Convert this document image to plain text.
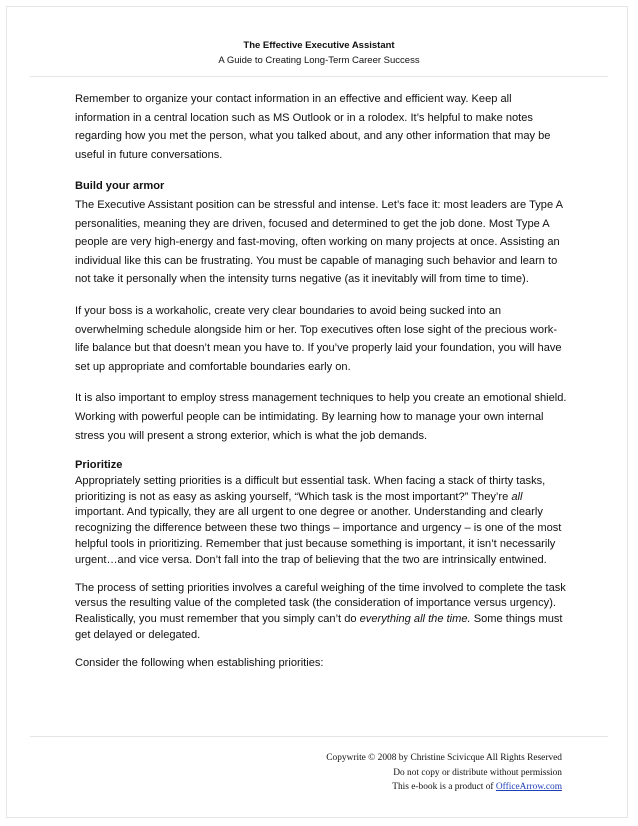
The Effective Executive Assistant
A Guide to Creating Long-Term Career Success

Remember to organize your contact information in an effective and efficient way. Keep all information in a central location such as MS Outlook or in a rolodex. It’s helpful to make notes regarding how you met the person, what you talked about, and any other information that may be useful in future conversations.

Build your armor

The Executive Assistant position can be stressful and intense. Let’s face it: most leaders are Type A personalities, meaning they are driven, focused and determined to get the job done. Most Type A people are very high-energy and fast-moving, often working on many projects at once. Assisting an individual like this can be frustrating. You must be capable of managing such behavior and learn to not take it personally when the intensity turns negative (as it inevitably will from time to time).

If your boss is a workaholic, create very clear boundaries to avoid being sucked into an overwhelming schedule alongside him or her. Top executives often lose sight of the precious work-life balance but that doesn’t mean you have to. If you’ve properly laid your foundation, you will have set up appropriate and comfortable boundaries early on.

It is also important to employ stress management techniques to help you create an emotional shield. Working with powerful people can be intimidating. By learning how to manage your own internal stress you will present a strong exterior, which is what the job demands.

Prioritize

Appropriately setting priorities is a difficult but essential task. When facing a stack of thirty tasks, prioritizing is not as easy as asking yourself, “Which task is the most important?” They’re all important. And typically, they are all urgent to one degree or another. Understanding and clearly recognizing the difference between these two things – importance and urgency – is one of the most helpful tools in prioritizing. Remember that just because something is important, it isn’t necessarily urgent…and vice versa. Don’t fall into the trap of believing that the two are intrinsically entwined.

The process of setting priorities involves a careful weighing of the time involved to complete the task versus the resulting value of the completed task (the consideration of importance versus urgency). Realistically, you must remember that you simply can’t do everything all the time. Some things must get delayed or delegated.

Consider the following when establishing priorities:

Copywrite © 2008 by Christine Scivicque All Rights Reserved
Do not copy or distribute without permission
This e-book is a product of OfficeArrow.com
